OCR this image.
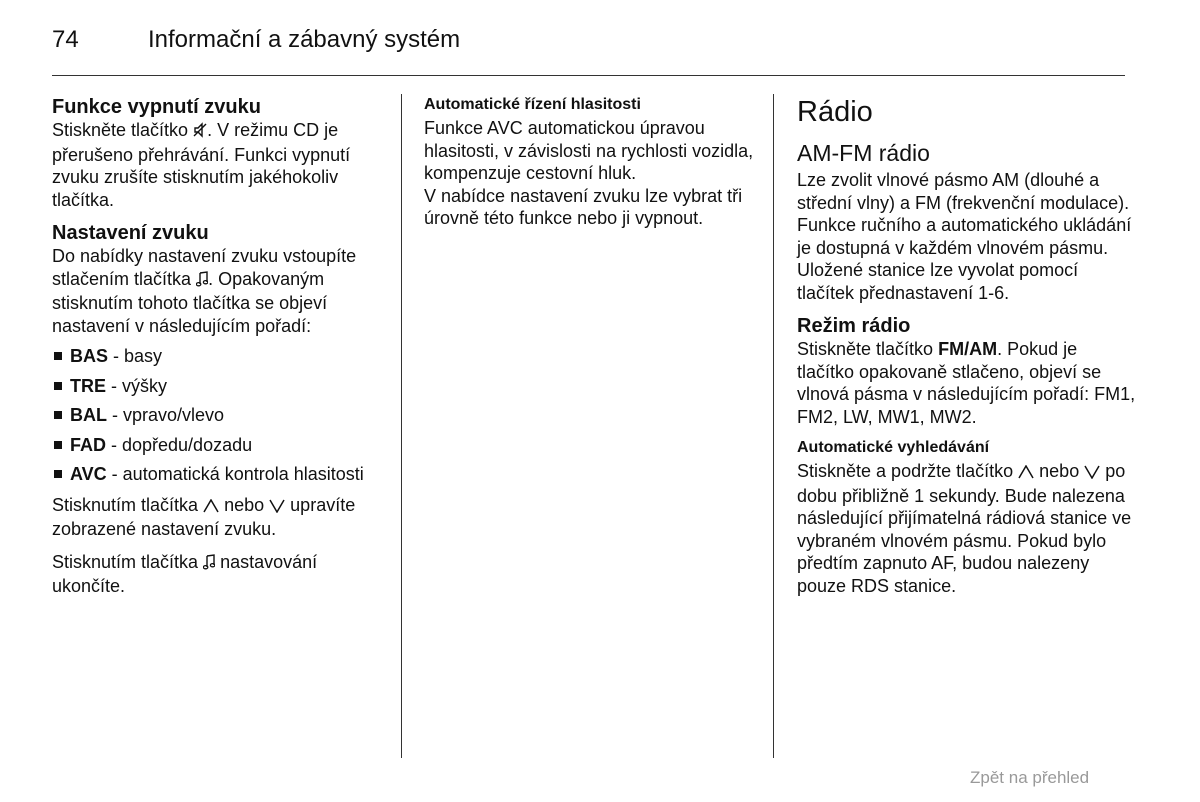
74	Informační a zábavný systém
Funkce vypnutí zvuku
Stiskněte tlačítko . V režimu CD je přerušeno přehrávání. Funkci vypnutí zvuku zrušíte stisknutím jakéhokoliv tlačítka.
Nastavení zvuku
Do nabídky nastavení zvuku vstoupíte stlačením tlačítka . Opakovaným stisknutím tohoto tlačítka se objeví nastavení v následujícím pořadí:
BAS - basy
TRE - výšky
BAL - vpravo/vlevo
FAD - dopředu/dozadu
AVC - automatická kontrola hlasitosti
Stisknutím tlačítka nebo upravíte zobrazené nastavení zvuku.
Stisknutím tlačítka nastavování ukončíte.
Automatické řízení hlasitosti
Funkce AVC automatickou úpravou hlasitosti, v závislosti na rychlosti vozidla, kompenzuje cestovní hluk.
V nabídce nastavení zvuku lze vybrat tři úrovně této funkce nebo ji vypnout.
Rádio
AM-FM rádio
Lze zvolit vlnové pásmo AM (dlouhé a střední vlny) a FM (frekvenční modulace). Funkce ručního a automatického ukládání je dostupná v každém vlnovém pásmu. Uložené stanice lze vyvolat pomocí tlačítek přednastavení 1-6.
Režim rádio
Stiskněte tlačítko FM/AM. Pokud je tlačítko opakovaně stlačeno, objeví se vlnová pásma v následujícím pořadí: FM1, FM2, LW, MW1, MW2.
Automatické vyhledávání
Stiskněte a podržte tlačítko nebo po dobu přibližně 1 sekundy. Bude nalezena následující přijímatelná rádiová stanice ve vybraném vlnovém pásmu. Pokud bylo předtím zapnuto AF, budou nalezeny pouze RDS stanice.
Zpět na přehled
